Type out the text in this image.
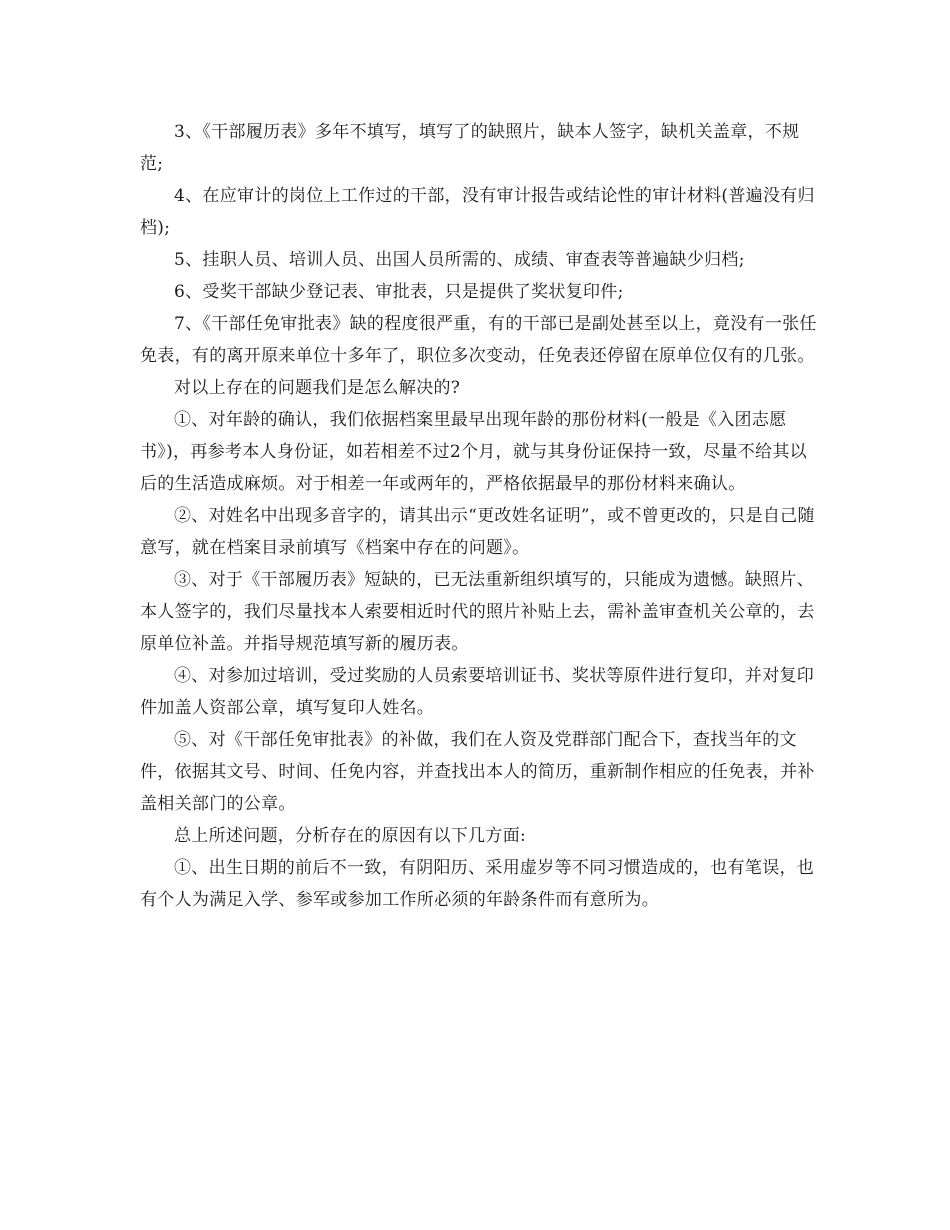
3、《干部履历表》多年不填写，填写了的缺照片，缺本人签字，缺机关盖章，不规范;

4、在应审计的岗位上工作过的干部，没有审计报告或结论性的审计材料(普遍没有归档);

5、挂职人员、培训人员、出国人员所需的、成绩、审查表等普遍缺少归档;

6、受奖干部缺少登记表、审批表，只是提供了奖状复印件;

7、《干部任免审批表》缺的程度很严重，有的干部已是副处甚至以上，竟没有一张任免表，有的离开原来单位十多年了，职位多次变动，任免表还停留在原单位仅有的几张。

对以上存在的问题我们是怎么解决的?

①、对年龄的确认，我们依据档案里最早出现年龄的那份材料(一般是《入团志愿书》)，再参考本人身份证，如若相差不过2个月，就与其身份证保持一致，尽量不给其以后的生活造成麻烦。对于相差一年或两年的，严格依据最早的那份材料来确认。

②、对姓名中出现多音字的，请其出示“更改姓名证明”，或不曾更改的，只是自己随意写，就在档案目录前填写《档案中存在的问题》。

③、对于《干部履历表》短缺的，已无法重新组织填写的，只能成为遗憾。缺照片、本人签字的，我们尽量找本人索要相近时代的照片补贴上去，需补盖审查机关公章的，去原单位补盖。并指导规范填写新的履历表。

④、对参加过培训，受过奖励的人员索要培训证书、奖状等原件进行复印，并对复印件加盖人资部公章，填写复印人姓名。

⑤、对《干部任免审批表》的补做，我们在人资及党群部门配合下，查找当年的文件，依据其文号、时间、任免内容，并查找出本人的简历，重新制作相应的任免表，并补盖相关部门的公章。

总上所述问题，分析存在的原因有以下几方面:

①、出生日期的前后不一致，有阴阳历、采用虚岁等不同习惯造成的，也有笔误，也有个人为满足入学、参军或参加工作所必须的年龄条件而有意所为。
